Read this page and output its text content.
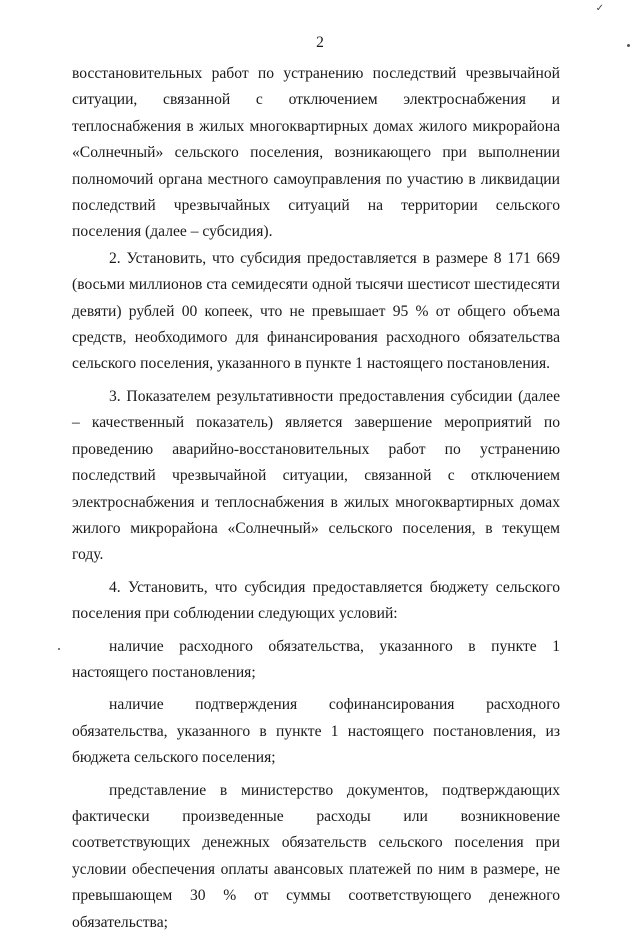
✓
2

восстановительных работ по устранению последствий чрезвычайной ситуации, связанной с отключением электроснабжения и теплоснабжения в жилых многоквартирных домах жилого микрорайона «Солнечный» сельского поселения, возникающего при выполнении полномочий органа местного самоуправления по участию в ликвидации последствий чрезвычайных ситуаций на территории сельского поселения (далее – субсидия).

2. Установить, что субсидия предоставляется в размере 8 171 669 (восьми миллионов ста семидесяти одной тысячи шестисот шестидесяти девяти) рублей 00 копеек, что не превышает 95 % от общего объема средств, необходимого для финансирования расходного обязательства сельского поселения, указанного в пункте 1 настоящего постановления.

3. Показателем результативности предоставления субсидии (далее – качественный показатель) является завершение мероприятий по проведению аварийно-восстановительных работ по устранению последствий чрезвычайной ситуации, связанной с отключением электроснабжения и теплоснабжения в жилых многоквартирных домах жилого микрорайона «Солнечный» сельского поселения, в текущем году.

4. Установить, что субсидия предоставляется бюджету сельского поселения при соблюдении следующих условий:

наличие расходного обязательства, указанного в пункте 1 настоящего постановления;

наличие подтверждения софинансирования расходного обязательства, указанного в пункте 1 настоящего постановления, из бюджета сельского поселения;

представление в министерство документов, подтверждающих фактически произведенные расходы или возникновение соответствующих денежных обязательств сельского поселения при условии обеспечения оплаты авансовых платежей по ним в размере, не превышающем 30 % от суммы соответствующего денежного обязательства;
